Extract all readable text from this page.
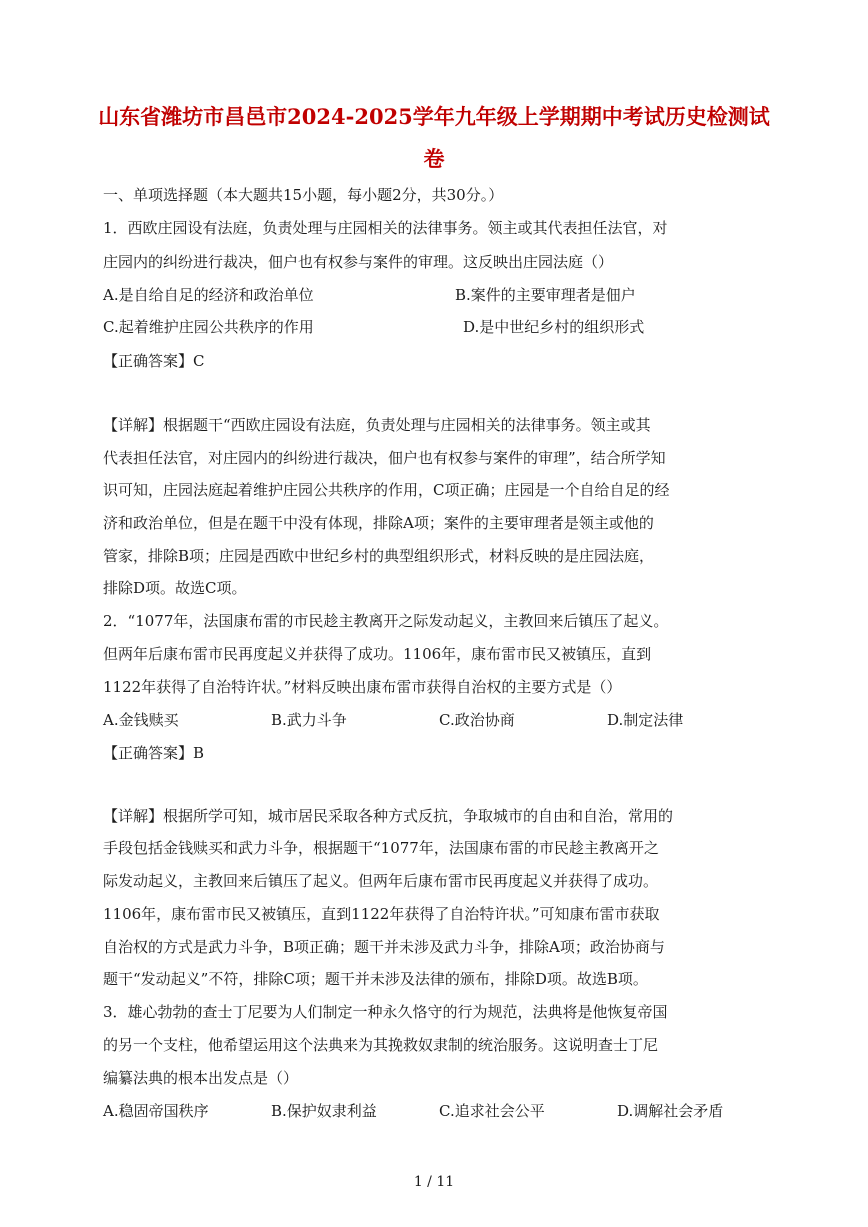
山东省潍坊市昌邑市2024-2025学年九年级上学期期中考试历史检测试
卷

一、单项选择题（本大题共15小题，每小题2分，共30分。）

1．西欧庄园设有法庭，负责处理与庄园相关的法律事务。领主或其代表担任法官，对

庄园内的纠纷进行裁决，佃户也有权参与案件的审理。这反映出庄园法庭（）

A.是自给自足的经济和政治单位	B.案件的主要审理者是佃户
C.起着维护庄园公共秩序的作用	D.是中世纪乡村的组织形式

【正确答案】C

【详解】根据题干“西欧庄园设有法庭，负责处理与庄园相关的法律事务。领主或其

代表担任法官，对庄园内的纠纷进行裁决，佃户也有权参与案件的审理”，结合所学知

识可知，庄园法庭起着维护庄园公共秩序的作用，C项正确；庄园是一个自给自足的经

济和政治单位，但是在题干中没有体现，排除A项；案件的主要审理者是领主或他的

管家，排除B项；庄园是西欧中世纪乡村的典型组织形式，材料反映的是庄园法庭，

排除D项。故选C项。

2．“1077年，法国康布雷的市民趁主教离开之际发动起义，主教回来后镇压了起义。

但两年后康布雷市民再度起义并获得了成功。1106年，康布雷市民又被镇压，直到

1122年获得了自治特许状。”材料反映出康布雷市获得自治权的主要方式是（）

A.金钱赎买	B.武力斗争	C.政治协商	D.制定法律

【正确答案】B

【详解】根据所学可知，城市居民采取各种方式反抗，争取城市的自由和自治，常用的

手段包括金钱赎买和武力斗争，根据题干“1077年，法国康布雷的市民趁主教离开之

际发动起义，主教回来后镇压了起义。但两年后康布雷市民再度起义并获得了成功。

1106年，康布雷市民又被镇压，直到1122年获得了自治特许状。”可知康布雷市获取

自治权的方式是武力斗争，B项正确；题干并未涉及武力斗争，排除A项；政治协商与

题干“发动起义”不符，排除C项；题干并未涉及法律的颁布，排除D项。故选B项。

3．雄心勃勃的查士丁尼要为人们制定一种永久恪守的行为规范，法典将是他恢复帝国

的另一个支柱，他希望运用这个法典来为其挽救奴隶制的统治服务。这说明查士丁尼

编纂法典的根本出发点是（）

A.稳固帝国秩序	B.保护奴隶利益	C.追求社会公平	D.调解社会矛盾
1 / 11
